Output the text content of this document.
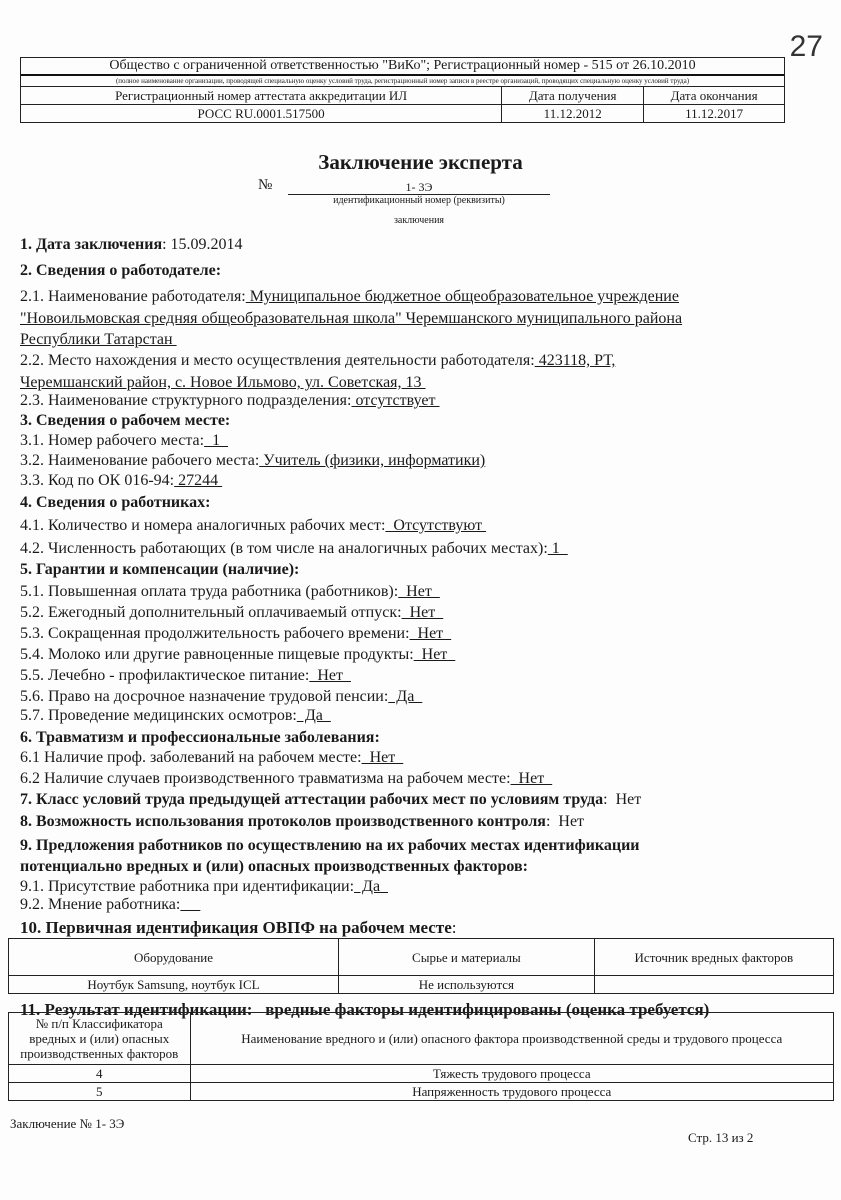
27
Общество с ограниченной ответственностью "ВиКо"; Регистрационный номер - 515 от 26.10.2010
(полное наименование организации, проводящей специальную оценку условий труда, регистрационный номер записи в реестре организаций, проводящих специальную оценку условий труда)
Регистрационный номер аттестата аккредитации ИЛ	Дата получения	Дата окончания
РОСС RU.0001.517500	11.12.2012	11.12.2017
Заключение эксперта
№	1- 3Э
идентификационный номер (реквизиты)
заключения
1. Дата заключения: 15.09.2014
2. Сведения о работодателе:
2.1. Наименование работодателя: Муниципальное бюджетное общеобразовательное учреждение
"Новоильмовская средняя общеобразовательная школа" Черемшанского муниципального района
Республики Татарстан
2.2. Место нахождения и место осуществления деятельности работодателя: 423118, РТ,
Черемшанский район, с. Новое Ильмово, ул. Советская, 13
2.3. Наименование структурного подразделения: отсутствует
3. Сведения о рабочем месте:
3.1. Номер рабочего места:  1
3.2. Наименование рабочего места: Учитель (физики, информатики)
3.3. Код по ОК 016-94: 27244
4. Сведения о работниках:
4.1. Количество и номера аналогичных рабочих мест:  Отсутствуют
4.2. Численность работающих (в том числе на аналогичных рабочих местах): 1
5. Гарантии и компенсации (наличие):
5.1. Повышенная оплата труда работника (работников):  Нет
5.2. Ежегодный дополнительный оплачиваемый отпуск:  Нет
5.3. Сокращенная продолжительность рабочего времени:  Нет
5.4. Молоко или другие равноценные пищевые продукты:  Нет
5.5. Лечебно - профилактическое питание:  Нет
5.6. Право на досрочное назначение трудовой пенсии:  Да
5.7. Проведение медицинских осмотров:  Да
6. Травматизм и профессиональные заболевания:
6.1 Наличие проф. заболеваний на рабочем месте:  Нет
6.2 Наличие случаев производственного травматизма на рабочем месте:  Нет
7. Класс условий труда предыдущей аттестации рабочих мест по условиям труда:  Нет
8. Возможность использования протоколов производственного контроля:  Нет
9. Предложения работников по осуществлению на их рабочих местах идентификации
потенциально вредных и (или) опасных производственных факторов:
9.1. Присутствие работника при идентификации:  Да
9.2. Мнение работника:
10. Первичная идентификация ОВПФ на рабочем месте:
11. Результат идентификации:   вредные факторы идентифицированы (оценка требуется)
Оборудование	Сырье и материалы	Источник вредных факторов
Ноутбук Samsung, ноутбук ICL	Не используются	
№ п/п Классификатора вредных и (или) опасных производственных факторов	Наименование вредного и (или) опасного фактора производственной среды и трудового процесса
4	Тяжесть трудового процесса
5	Напряженность трудового процесса
Заключение № 1- 3Э
Стр. 13 из 2
